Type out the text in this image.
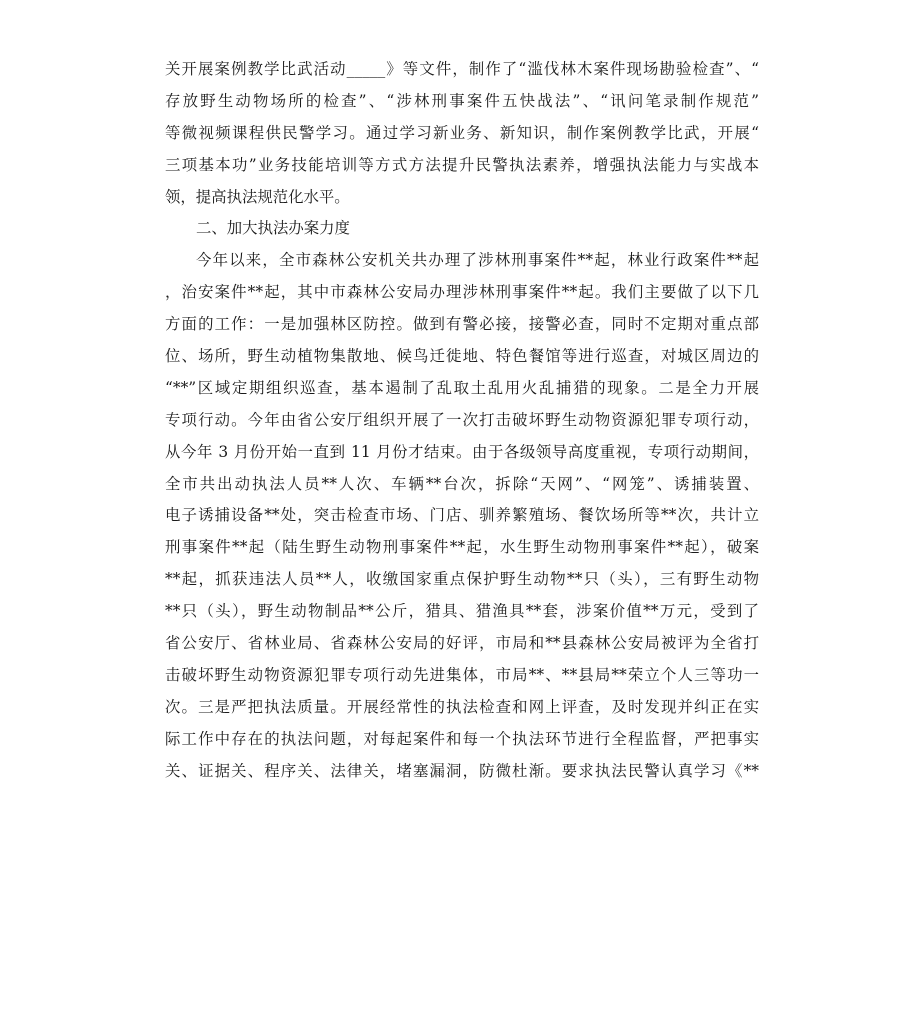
关开展案例教学比武活动_____》等文件，制作了“滥伐林木案件现场勘验检查”、“
存放野生动物场所的检查”、“涉林刑事案件五快战法”、“讯问笔录制作规范”
等微视频课程供民警学习。通过学习新业务、新知识，制作案例教学比武，开展“
三项基本功”业务技能培训等方式方法提升民警执法素养，增强执法能力与实战本
领，提高执法规范化水平。
二、加大执法办案力度
今年以来，全市森林公安机关共办理了涉林刑事案件**起，林业行政案件**起
，治安案件**起，其中市森林公安局办理涉林刑事案件**起。我们主要做了以下几
方面的工作：一是加强林区防控。做到有警必接，接警必查，同时不定期对重点部
位、场所，野生动植物集散地、候鸟迁徙地、特色餐馆等进行巡查，对城区周边的
“**”区域定期组织巡查，基本遏制了乱取土乱用火乱捕猎的现象。二是全力开展
专项行动。今年由省公安厅组织开展了一次打击破坏野生动物资源犯罪专项行动，
从今年 3 月份开始一直到 11 月份才结束。由于各级领导高度重视，专项行动期间，
全市共出动执法人员**人次、车辆**台次，拆除“天网”、“网笼”、诱捕装置、
电子诱捕设备**处，突击检查市场、门店、驯养繁殖场、餐饮场所等**次，共计立
刑事案件**起（陆生野生动物刑事案件**起，水生野生动物刑事案件**起），破案
**起，抓获违法人员**人，收缴国家重点保护野生动物**只（头），三有野生动物
**只（头），野生动物制品**公斤，猎具、猎渔具**套，涉案价值**万元，受到了
省公安厅、省林业局、省森林公安局的好评，市局和**县森林公安局被评为全省打
击破坏野生动物资源犯罪专项行动先进集体，市局**、**县局**荣立个人三等功一
次。三是严把执法质量。开展经常性的执法检查和网上评查，及时发现并纠正在实
际工作中存在的执法问题，对每起案件和每一个执法环节进行全程监督，严把事实
关、证据关、程序关、法律关，堵塞漏洞，防微杜渐。要求执法民警认真学习《**
